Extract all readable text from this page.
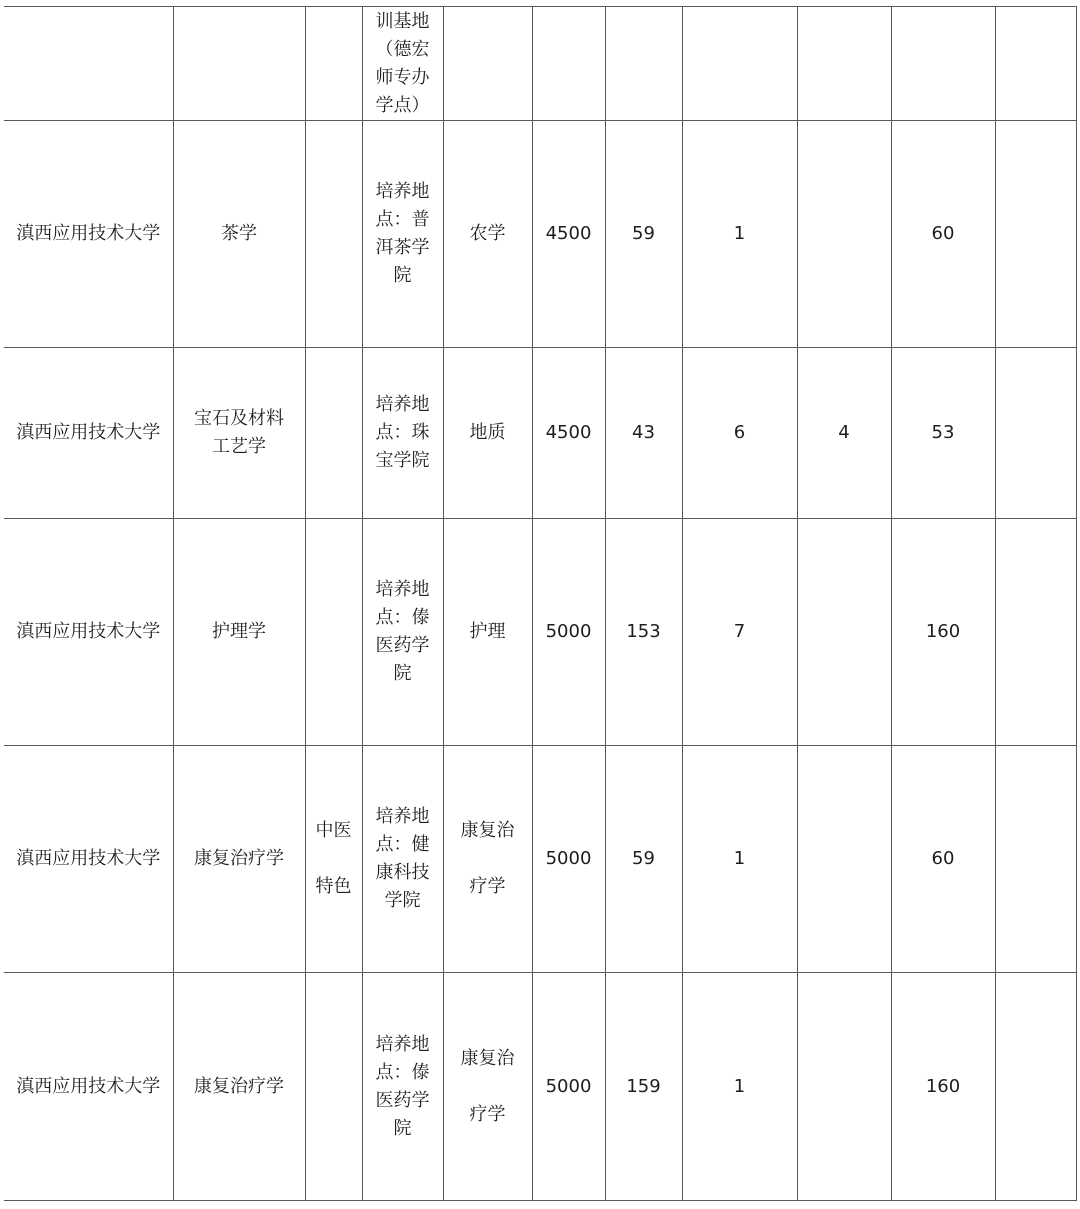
			训基地（德宏师专办学点）							
滇西应用技术大学	茶学		培养地点：普洱茶学院	农学	4500	59	1		60	
滇西应用技术大学	宝石及材料工艺学		培养地点：珠宝学院	地质	4500	43	6	4	53	
滇西应用技术大学	护理学		培养地点：傣医药学院	护理	5000	153	7		160	
滇西应用技术大学	康复治疗学	中医特色	培养地点：健康科技学院	康复治疗学	5000	59	1		60	
滇西应用技术大学	康复治疗学		培养地点：傣医药学院	康复治疗学	5000	159	1		160	
